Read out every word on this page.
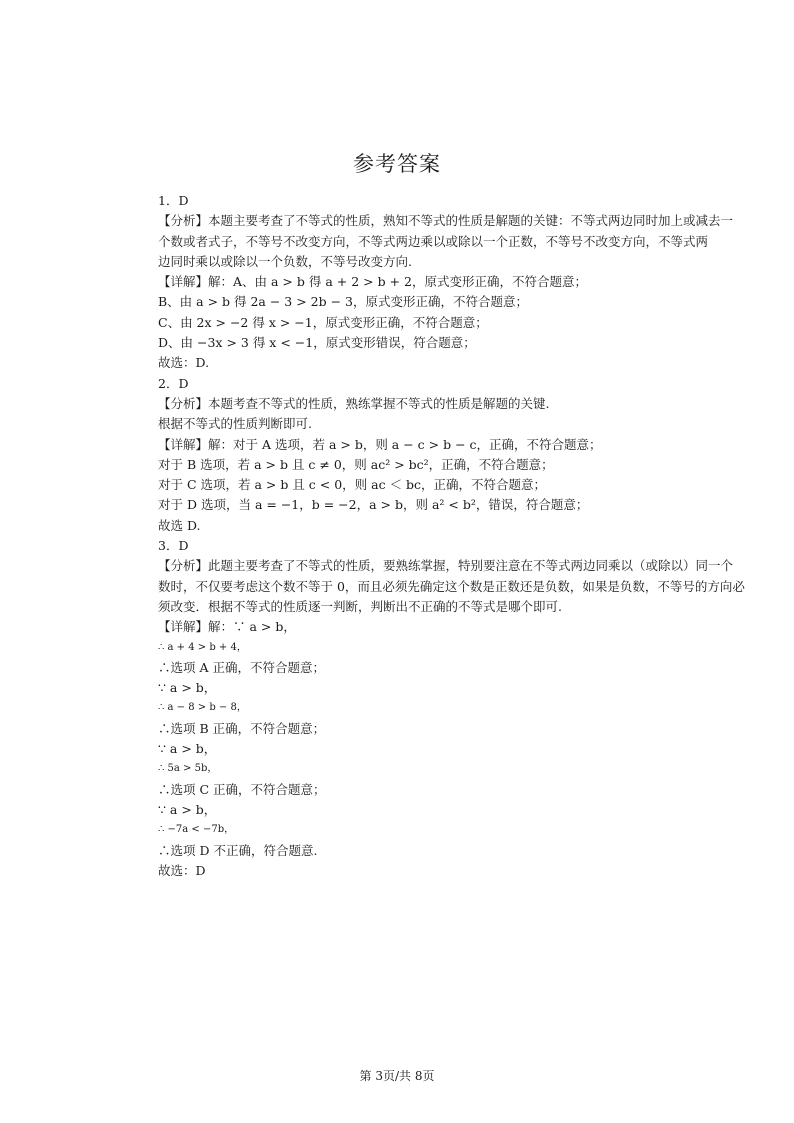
参考答案
1．D
【分析】本题主要考查了不等式的性质，熟知不等式的性质是解题的关键：不等式两边同时加上或减去一
个数或者式子，不等号不改变方向，不等式两边乘以或除以一个正数，不等号不改变方向，不等式两
边同时乘以或除以一个负数，不等号改变方向.
【详解】解：A、由 a > b 得 a + 2 > b + 2，原式变形正确，不符合题意；
B、由 a > b 得 2a − 3 > 2b − 3，原式变形正确，不符合题意；
C、由 2x > −2 得 x > −1，原式变形正确，不符合题意；
D、由 −3x > 3 得 x < −1，原式变形错误，符合题意；
故选：D.
2．D
【分析】本题考查不等式的性质，熟练掌握不等式的性质是解题的关键.
根据不等式的性质判断即可.
【详解】解：对于 A 选项，若 a > b，则 a − c > b − c，正确，不符合题意；
对于 B 选项，若 a > b 且 c ≠ 0，则 ac² > bc²，正确，不符合题意；
对于 C 选项，若 a > b 且 c < 0，则 ac ＜ bc，正确，不符合题意；
对于 D 选项，当 a = −1，b = −2，a > b，则 a² < b²，错误，符合题意；
故选 D.
3．D
【分析】此题主要考查了不等式的性质，要熟练掌握，特别要注意在不等式两边同乘以（或除以）同一个
数时，不仅要考虑这个数不等于 0，而且必须先确定这个数是正数还是负数，如果是负数，不等号的方向必
须改变．根据不等式的性质逐一判断，判断出不正确的不等式是哪个即可.
【详解】解：∵ a > b，
∴ a + 4 > b + 4，
∴选项 A 正确，不符合题意；
∵ a > b，
∴ a − 8 > b − 8，
∴选项 B 正确，不符合题意；
∵ a > b，
∴ 5a > 5b，
∴选项 C 正确，不符合题意；
∵ a > b，
∴ −7a < −7b，
∴选项 D 不正确，符合题意.
故选：D
第 3页/共 8页
